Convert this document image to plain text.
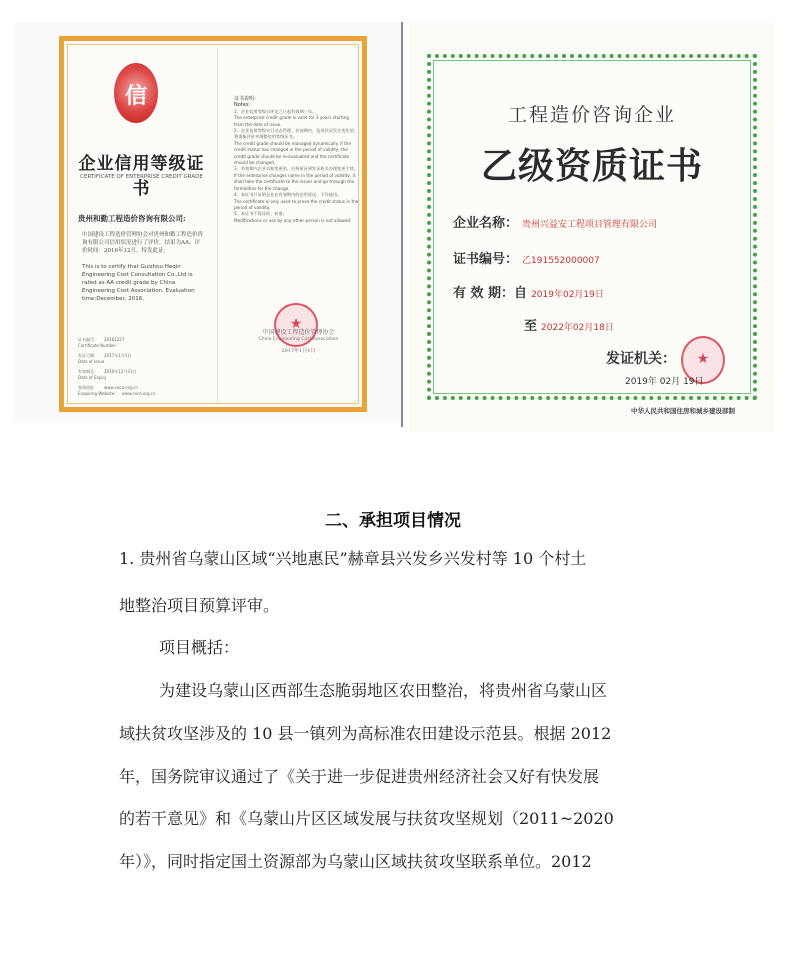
信
企业信用等级证书
CERTIFICATE OF ENTERPRISE CREDIT GRADE
贵州和勤工程造价咨询有限公司:
中国建设工程造价管理协会对贵州和勤工程造价咨询有限公司信用状况进行了评价，结果为AA。评价时间：2016年12月。特发此证。
This is to certify that Guizhou Heqin Engineering Cost Consultation Co.,Ltd is rated as AA credit grade by China Engineering Cost Association. Evaluation time:December, 2016.
证书编号： 20161227
Certificate Number
发证日期： 2017年1月1日
Date of Issue
有效期至： 2019年12月31日
Date of Expiry
查询网址： www.ceca.org.cn
Enquiring Website: www.ceca.org.cn
证书说明：
Notes:
1、企业信用等级自评定之日起有效期三年。
The enterprise credit grade is valid for 3 years starting from the date of issue.
2、企业信用等级实行动态管理。有效期内，信用状况发生变化的，将重新评价并调整信用等级证书。
The credit grade should be managed dynamically. If the credit status has changed in the period of validity, the credit grade should be re-evaluated and the certificate should be changed.
3、有效期内企业名称变更的，应持原证到发证机关办理变更手续。
If the enterprise changes name in the period of validity, it shall take the certificate to the issuer and go through the formalities for the change.
4、本证书只证明企业在有效期内的信用状况，不作他用。
The certificate is only used to prove the credit status in the period of validity.
5、本证书不得涂改、转借。
Modifications or use by any other person is not allowed.
★
中国建设工程造价管理协会
China Engineering Cost Association
2017年1月1日
工程造价咨询企业
乙级资质证书
企业名称： 贵州兴益安工程项目管理有限公司
证书编号： 乙191552000007
有 效 期：自 2019年02月19日
至 2022年02月18日
发证机关：
★
2019年 02月 19日
中华人民共和国住房和城乡建设部制
二、承担项目情况
1. 贵州省乌蒙山区域“兴地惠民”赫章县兴发乡兴发村等 10 个村土
地整治项目预算评审。
项目概括：
为建设乌蒙山区西部生态脆弱地区农田整治，将贵州省乌蒙山区
域扶贫攻坚涉及的 10 县一镇列为高标准农田建设示范县。根据 2012
年，国务院审议通过了《关于进一步促进贵州经济社会又好有快发展
的若干意见》和《乌蒙山片区区域发展与扶贫攻坚规划（2011~2020
年）》，同时指定国土资源部为乌蒙山区域扶贫攻坚联系单位。2012
